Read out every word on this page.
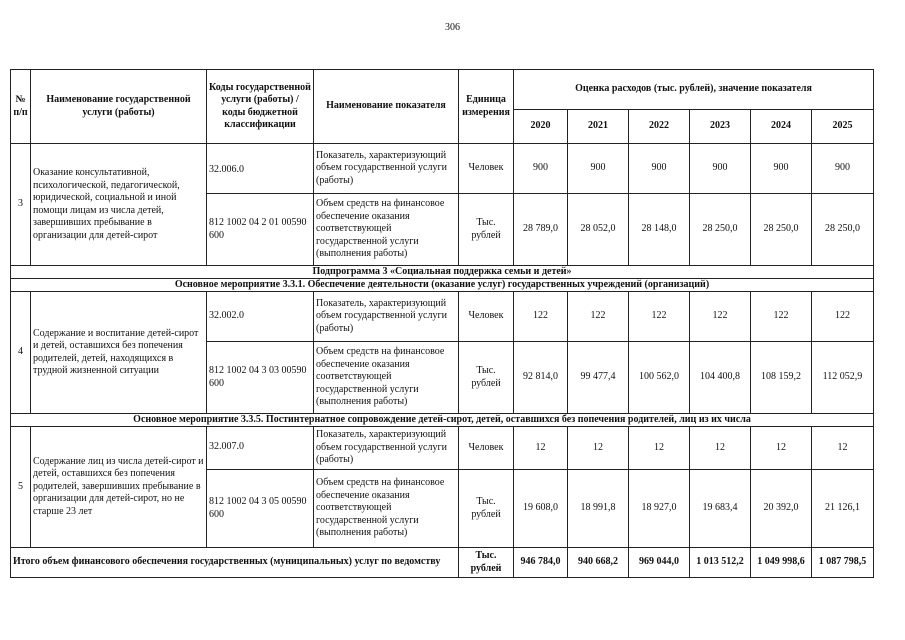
306
№ п/п	Наименование государственной услуги (работы)	Коды государственной услуги (работы) / коды бюджетной классификации	Наименование показателя	Единица измерения	Оценка расходов (тыс. рублей), значение показателя					
					2020	2021	2022	2023	2024	2025
3	Оказание консультативной, психологической, педагогической, юридической, социальной и иной помощи лицам из числа детей, завершивших пребывание в организации для детей-сирот	32.006.0	Показатель, характеризующий объем государственной услуги (работы)	Человек	900	900	900	900	900	900
		812 1002 04 2 01 00590 600	Объем средств на финансовое обеспечение оказания соответствующей государственной услуги (выполнения работы)	Тыс. рублей	28 789,0	28 052,0	28 148,0	28 250,0	28 250,0	28 250,0
Подпрограмма 3 «Социальная поддержка семьи и детей»										
Основное мероприятие 3.3.1. Обеспечение деятельности (оказание услуг) государственных учреждений (организаций)										
4	Содержание и воспитание детей-сирот и детей, оставшихся без попечения родителей, детей, находящихся в трудной жизненной ситуации	32.002.0	Показатель, характеризующий объем государственной услуги (работы)	Человек	122	122	122	122	122	122
		812 1002 04 3 03 00590 600	Объем средств на финансовое обеспечение оказания соответствующей государственной услуги (выполнения работы)	Тыс. рублей	92 814,0	99 477,4	100 562,0	104 400,8	108 159,2	112 052,9
Основное мероприятие 3.3.5. Постинтернатное сопровождение детей-сирот, детей, оставшихся без попечения родителей, лиц из их числа										
5	Содержание лиц из числа детей-сирот и детей, оставшихся без попечения родителей, завершивших пребывание в организации для детей-сирот, но не старше 23 лет	32.007.0	Показатель, характеризующий объем государственной услуги (работы)	Человек	12	12	12	12	12	12
		812 1002 04 3 05 00590 600	Объем средств на финансовое обеспечение оказания соответствующей государственной услуги (выполнения работы)	Тыс. рублей	19 608,0	18 991,8	18 927,0	19 683,4	20 392,0	21 126,1
Итого объем финансового обеспечения государственных (муниципальных) услуг по ведомству				Тыс. рублей	946 784,0	940 668,2	969 044,0	1 013 512,2	1 049 998,6	1 087 798,5
